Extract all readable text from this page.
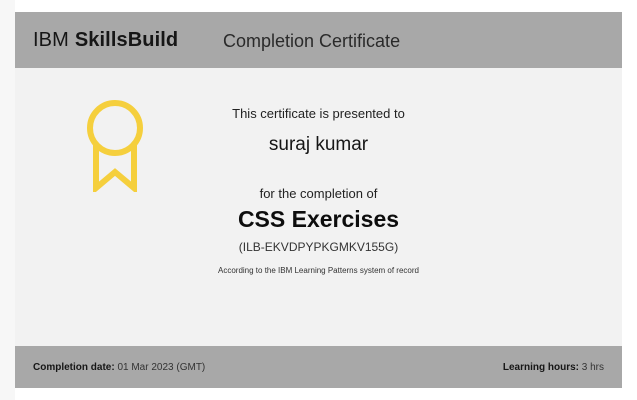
IBM SkillsBuild Completion Certificate
This certificate is presented to
suraj kumar
for the completion of
CSS Exercises
(ILB-EKVDPYPKGMKV155G)
According to the IBM Learning Patterns system of record
Completion date: 01 Mar 2023 (GMT)	Learning hours: 3 hrs
